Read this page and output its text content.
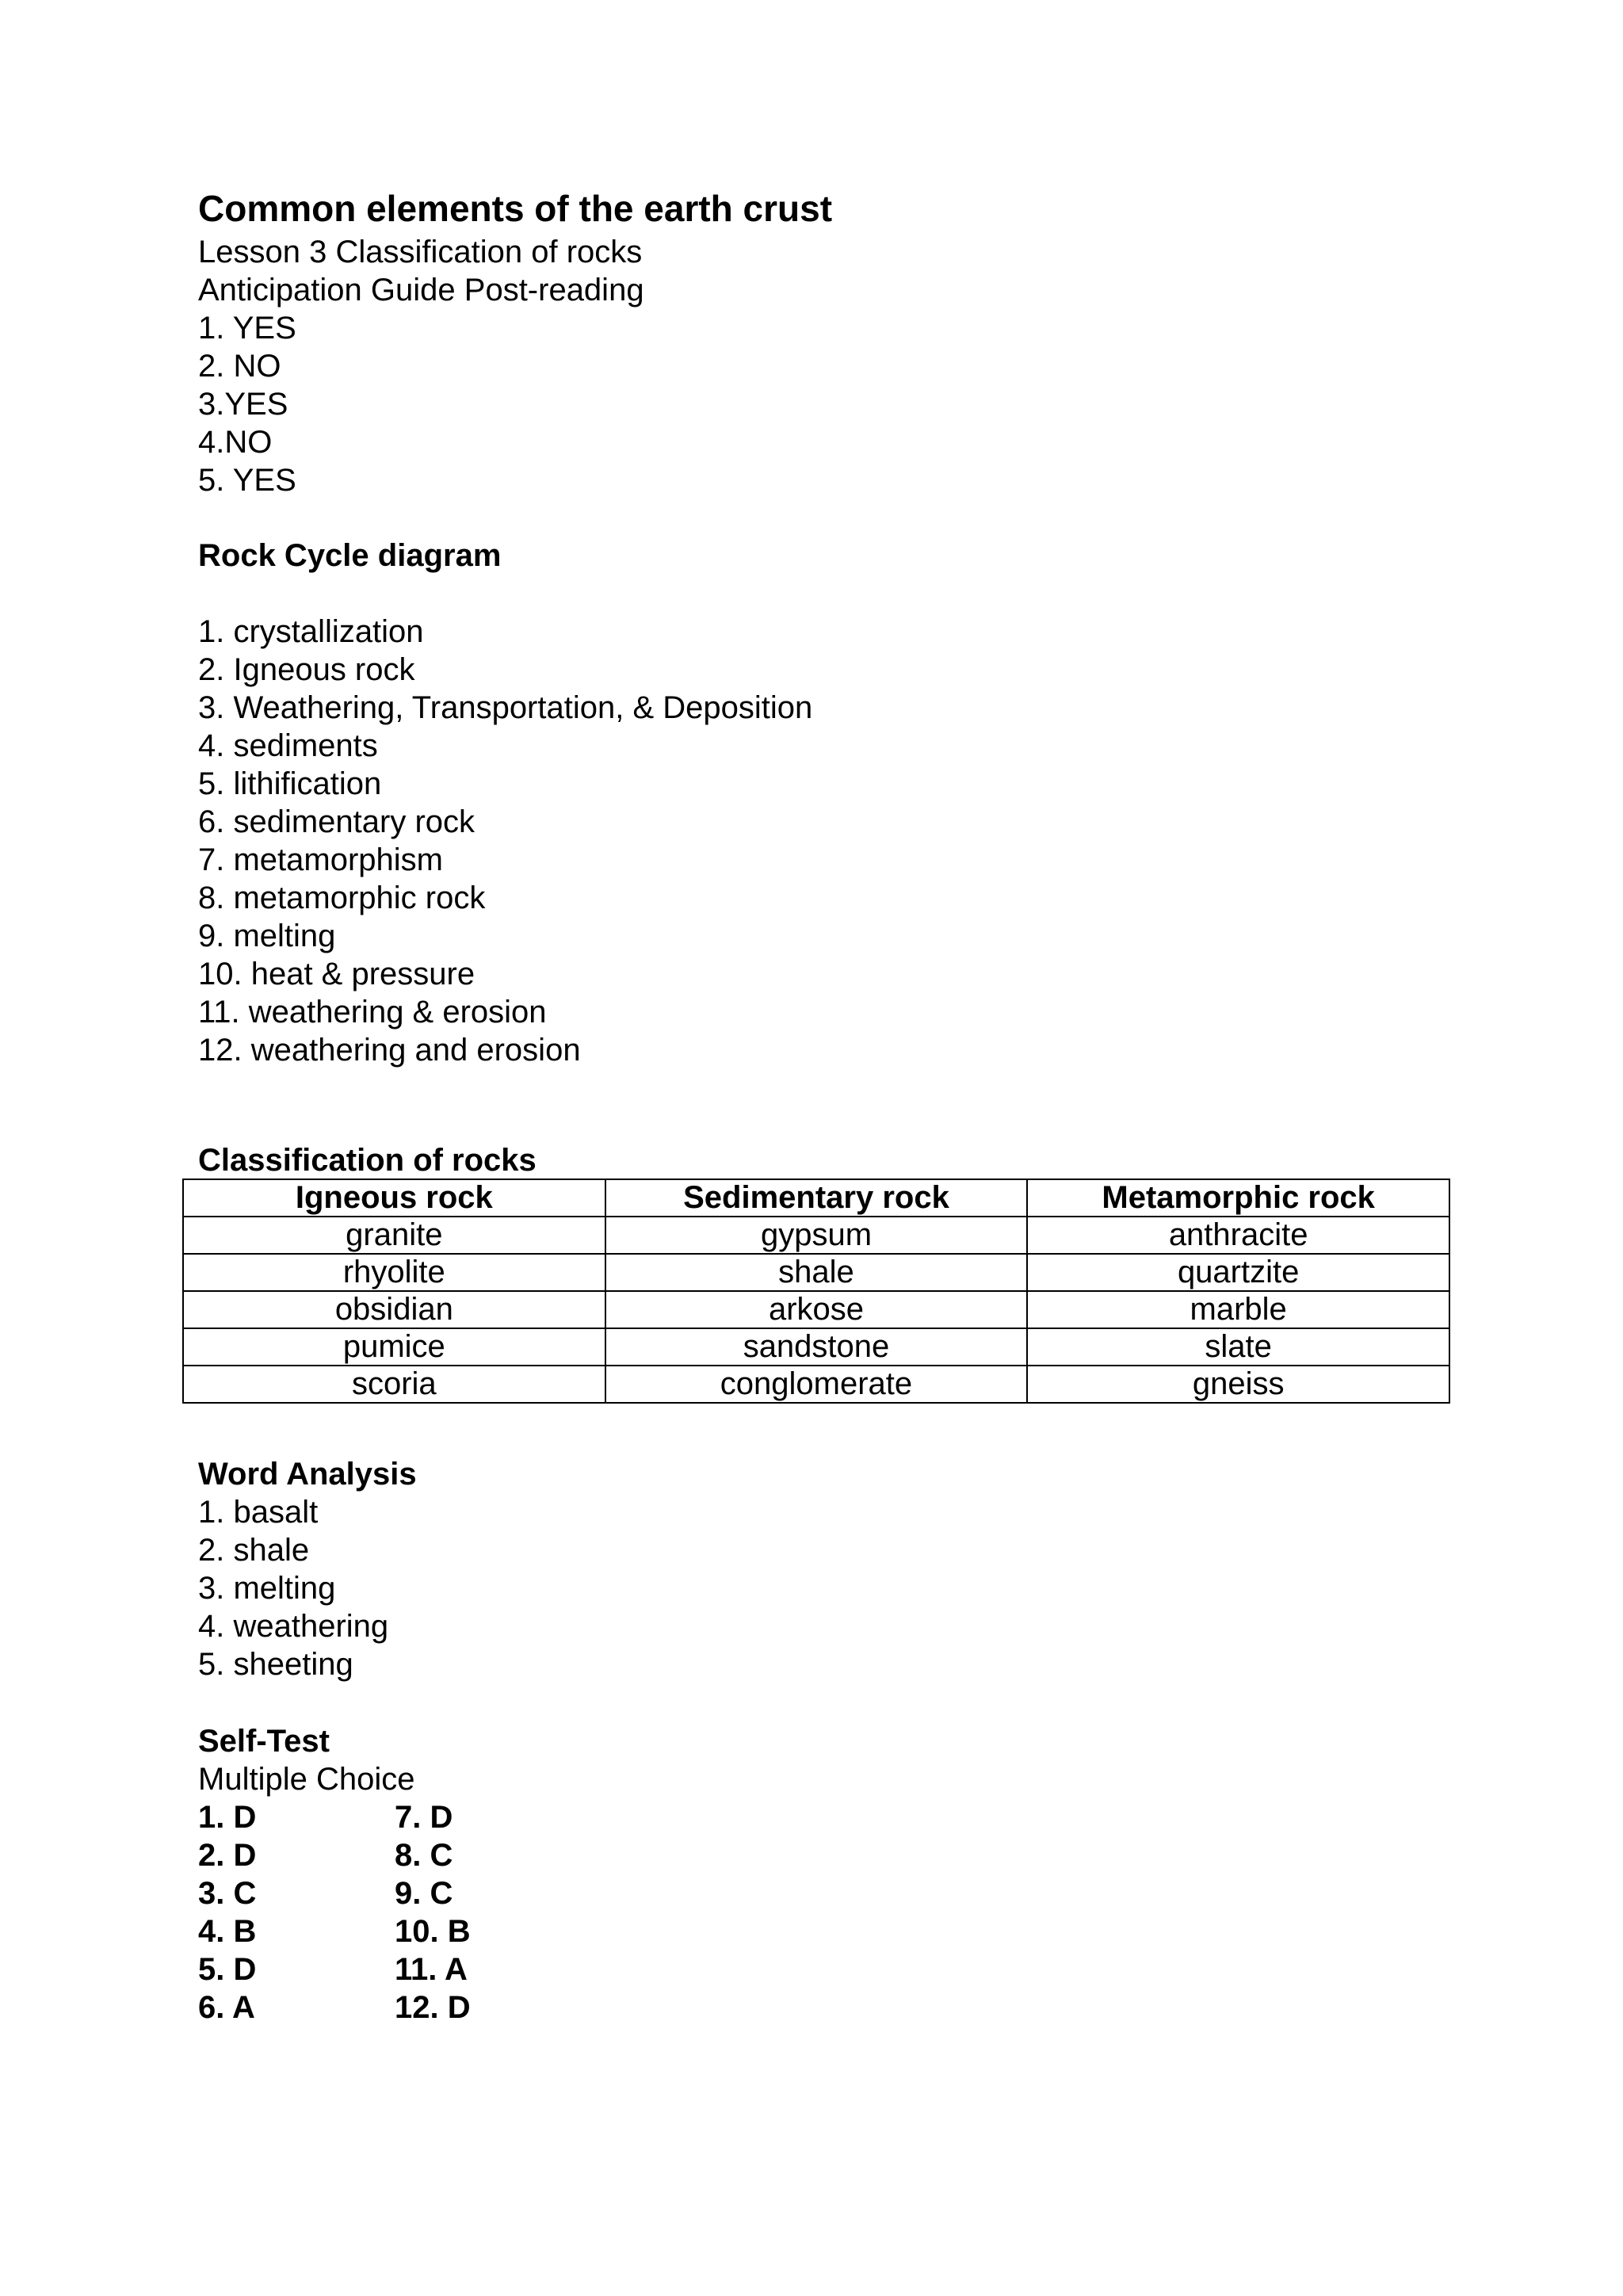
Common elements of the earth crust
Lesson 3 Classification of rocks
Anticipation Guide Post-reading
1. YES
2. NO
3.YES
4.NO
5. YES
Rock Cycle diagram
1. crystallization
2. Igneous rock
3. Weathering, Transportation, & Deposition
4. sediments
5. lithification
6. sedimentary rock
7. metamorphism
8. metamorphic rock
9. melting
10. heat & pressure
11. weathering & erosion
12. weathering and erosion
Classification of rocks
Igneous rock	Sedimentary rock	Metamorphic rock
granite	gypsum	anthracite
rhyolite	shale	quartzite
obsidian	arkose	marble
pumice	sandstone	slate
scoria	conglomerate	gneiss
Word Analysis
1. basalt
2. shale
3. melting
4. weathering
5. sheeting
Self-Test
Multiple Choice
1. D	7. D
2. D	8. C
3. C	9. C
4. B	10. B
5. D	11. A
6. A	12. D
